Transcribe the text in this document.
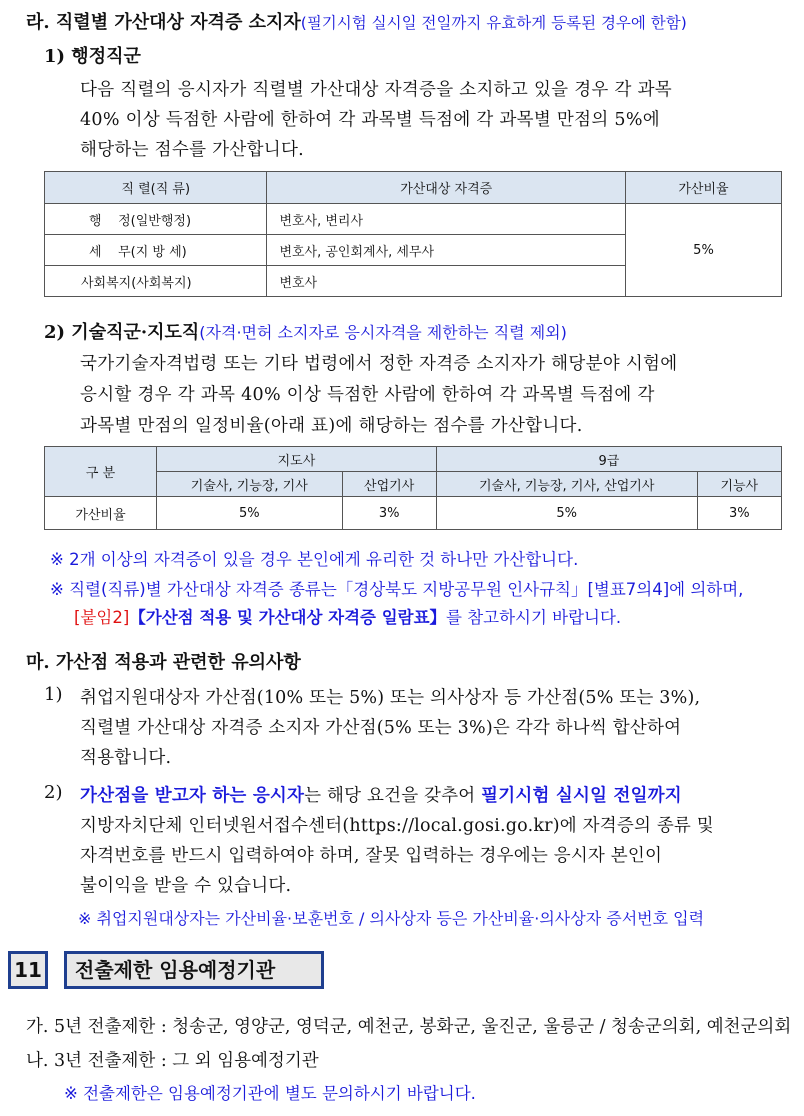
라. 직렬별 가산대상 자격증 소지자(필기시험 실시일 전일까지 유효하게 등록된 경우에 한함)
1) 행정직군
다음 직렬의 응시자가 직렬별 가산대상 자격증을 소지하고 있을 경우 각 과목
40% 이상 득점한 사람에 한하여 각 과목별 득점에 각 과목별 만점의 5%에
해당하는 점수를 가산합니다.
직 렬(직 류)	가산대상 자격증	가산비율
행    정(일반행정)	변호사, 변리사	5%
세    무(지 방 세)	변호사, 공인회계사, 세무사	
사회복지(사회복지)	변호사	
2) 기술직군·지도직(자격·면허 소지자로 응시자격을 제한하는 직렬 제외)
국가기술자격법령 또는 기타 법령에서 정한 자격증 소지자가 해당분야 시험에
응시할 경우 각 과목 40% 이상 득점한 사람에 한하여 각 과목별 득점에 각
과목별 만점의 일정비율(아래 표)에 해당하는 점수를 가산합니다.
구 분	지도사		9급	
	기술사, 기능장, 기사	산업기사	기술사, 기능장, 기사, 산업기사	기능사
가산비율	5%	3%	5%	3%
※ 2개 이상의 자격증이 있을 경우 본인에게 유리한 것 하나만 가산합니다.
※ 직렬(직류)별 가산대상 자격증 종류는「경상북도 지방공무원 인사규칙」[별표7의4]에 의하며,
[붙임2]【가산점 적용 및 가산대상 자격증 일람표】를 참고하시기 바랍니다.
마. 가산점 적용과 관련한 유의사항
1) 취업지원대상자 가산점(10% 또는 5%) 또는 의사상자 등 가산점(5% 또는 3%),
직렬별 가산대상 자격증 소지자 가산점(5% 또는 3%)은 각각 하나씩 합산하여
적용합니다.
2) 가산점을 받고자 하는 응시자는 해당 요건을 갖추어 필기시험 실시일 전일까지
지방자치단체 인터넷원서접수센터(https://local.gosi.go.kr)에 자격증의 종류 및
자격번호를 반드시 입력하여야 하며, 잘못 입력하는 경우에는 응시자 본인이
불이익을 받을 수 있습니다.
※ 취업지원대상자는 가산비율·보훈번호 / 의사상자 등은 가산비율·의사상자 증서번호 입력
11	전출제한 임용예정기관
가. 5년 전출제한 : 청송군, 영양군, 영덕군, 예천군, 봉화군, 울진군, 울릉군 / 청송군의회, 예천군의회
나. 3년 전출제한 : 그 외 임용예정기관
※ 전출제한은 임용예정기관에 별도 문의하시기 바랍니다.
